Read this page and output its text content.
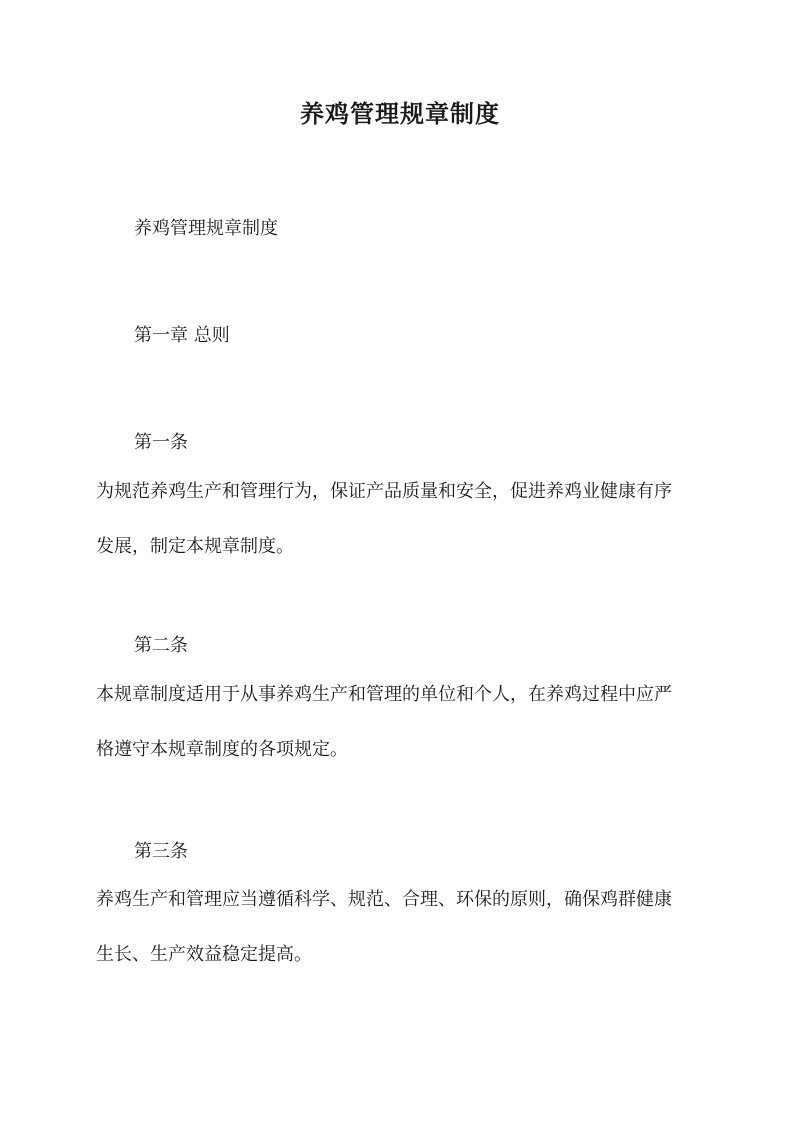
养鸡管理规章制度
养鸡管理规章制度
第一章 总则
第一条
为规范养鸡生产和管理行为，保证产品质量和安全，促进养鸡业健康有序
发展，制定本规章制度。
第二条
本规章制度适用于从事养鸡生产和管理的单位和个人，在养鸡过程中应严
格遵守本规章制度的各项规定。
第三条
养鸡生产和管理应当遵循科学、规范、合理、环保的原则，确保鸡群健康
生长、生产效益稳定提高。
